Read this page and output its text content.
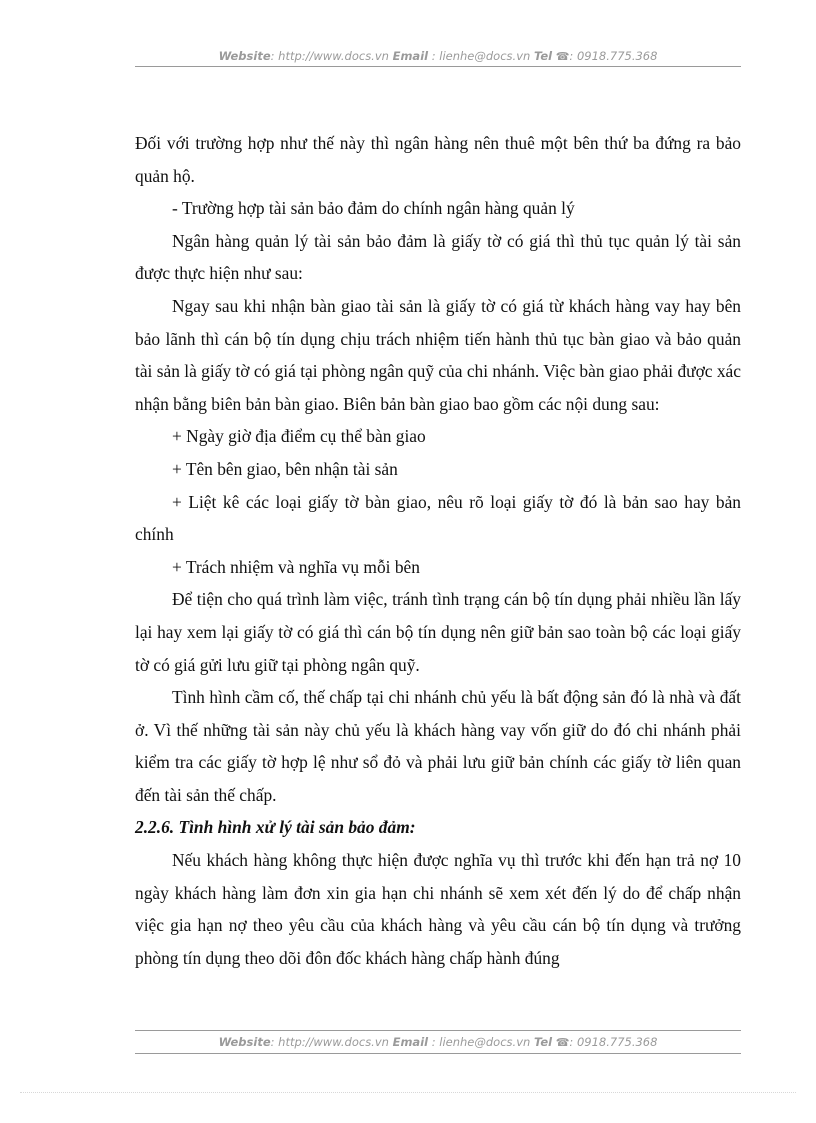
Website: http://www.docs.vn Email : lienhe@docs.vn Tel ☎: 0918.775.368

Đối với trường hợp như thế này thì ngân hàng nên thuê một bên thứ ba đứng ra bảo quản hộ.

- Trường hợp tài sản bảo đảm do chính ngân hàng quản lý

Ngân hàng quản lý tài sản bảo đảm là giấy tờ có giá thì thủ tục quản lý tài sản được thực hiện như sau:

Ngay sau khi nhận bàn giao tài sản là giấy tờ có giá từ khách hàng vay hay bên bảo lãnh thì cán bộ tín dụng chịu trách nhiệm tiến hành thủ tục bàn giao và bảo quản tài sản là giấy tờ có giá tại phòng ngân quỹ của chi nhánh. Việc bàn giao phải được xác nhận bằng biên bản bàn giao. Biên bản bàn giao bao gồm các nội dung sau:

+ Ngày giờ địa điểm cụ thể bàn giao

+ Tên bên giao, bên nhận tài sản

+ Liệt kê các loại giấy tờ bàn giao, nêu rõ loại giấy tờ đó là bản sao hay bản chính

+ Trách nhiệm và nghĩa vụ mỗi bên

Để tiện cho quá trình làm việc, tránh tình trạng cán bộ tín dụng phải nhiều lần lấy lại hay xem lại giấy tờ có giá thì cán bộ tín dụng nên giữ bản sao toàn bộ các loại giấy tờ có giá gửi lưu giữ tại phòng ngân quỹ.

Tình hình cầm cố, thế chấp tại chi nhánh chủ yếu là bất động sản đó là nhà và đất ở. Vì thế những tài sản này chủ yếu là khách hàng vay vốn giữ do đó chi nhánh phải kiểm tra các giấy tờ hợp lệ như sổ đỏ và phải lưu giữ bản chính các giấy tờ liên quan đến tài sản thế chấp.

2.2.6. Tình hình xử lý tài sản bảo đảm:

Nếu khách hàng không thực hiện được nghĩa vụ thì trước khi đến hạn trả nợ 10 ngày khách hàng làm đơn xin gia hạn chi nhánh sẽ xem xét đến lý do để chấp nhận việc gia hạn nợ theo yêu cầu của khách hàng và yêu cầu cán bộ tín dụng và trưởng phòng tín dụng theo dõi đôn đốc khách hàng chấp hành đúng

Website: http://www.docs.vn Email : lienhe@docs.vn Tel ☎: 0918.775.368
